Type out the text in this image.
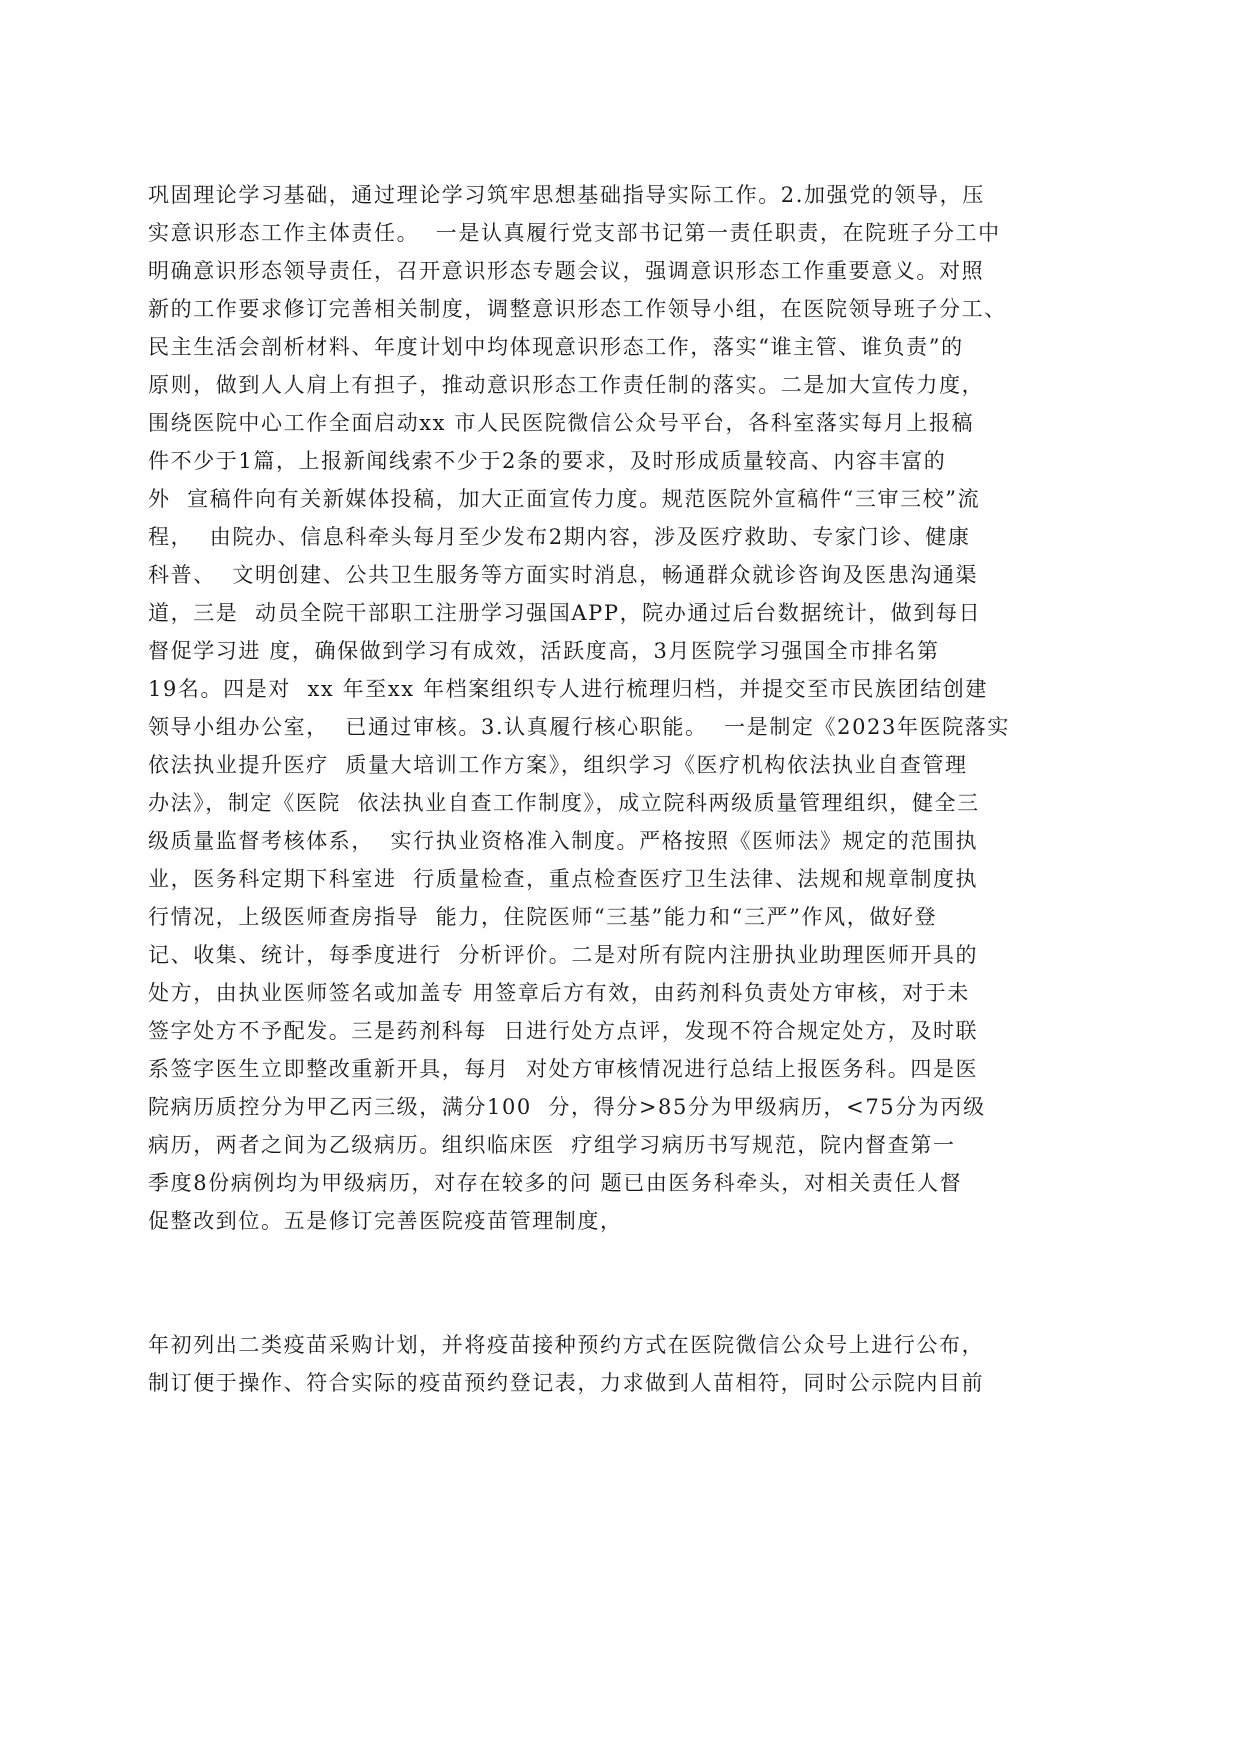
巩固理论学习基础，通过理论学习筑牢思想基础指导实际工作。2.加强党的领导，压
实意识形态工作主体责任。  一是认真履行党支部书记第一责任职责，在院班子分工中
明确意识形态领导责任，召开意识形态专题会议，强调意识形态工作重要意义。对照
新的工作要求修订完善相关制度，调整意识形态工作领导小组，在医院领导班子分工、
民主生活会剖析材料、年度计划中均体现意识形态工作，落实“谁主管、谁负责”的
原则，做到人人肩上有担子，推动意识形态工作责任制的落实。二是加大宣传力度，
围绕医院中心工作全面启动xx 市人民医院微信公众号平台，各科室落实每月上报稿
件不少于1篇，上报新闻线索不少于2条的要求，及时形成质量较高、内容丰富的
外  宣稿件向有关新媒体投稿，加大正面宣传力度。规范医院外宣稿件“三审三校”流
程，  由院办、信息科牵头每月至少发布2期内容，涉及医疗救助、专家门诊、健康
科普、  文明创建、公共卫生服务等方面实时消息，畅通群众就诊咨询及医患沟通渠
道，三是  动员全院干部职工注册学习强国APP，院办通过后台数据统计，做到每日
督促学习进 度，确保做到学习有成效，活跃度高，3月医院学习强国全市排名第
19名。四是对  xx 年至xx 年档案组织专人进行梳理归档，并提交至市民族团结创建
领导小组办公室，  已通过审核。3.认真履行核心职能。  一是制定《2023年医院落实
依法执业提升医疗  质量大培训工作方案》，组织学习《医疗机构依法执业自查管理
办法》，制定《医院  依法执业自查工作制度》，成立院科两级质量管理组织，健全三
级质量监督考核体系，  实行执业资格准入制度。严格按照《医师法》规定的范围执
业，医务科定期下科室进  行质量检查，重点检查医疗卫生法律、法规和规章制度执
行情况，上级医师查房指导  能力，住院医师“三基”能力和“三严”作风，做好登
记、收集、统计，每季度进行  分析评价。二是对所有院内注册执业助理医师开具的
处方，由执业医师签名或加盖专 用签章后方有效，由药剂科负责处方审核，对于未
签字处方不予配发。三是药剂科每  日进行处方点评，发现不符合规定处方，及时联
系签字医生立即整改重新开具，每月  对处方审核情况进行总结上报医务科。四是医
院病历质控分为甲乙丙三级，满分100  分，得分>85分为甲级病历，<75分为丙级
病历，两者之间为乙级病历。组织临床医  疗组学习病历书写规范，院内督查第一
季度8份病例均为甲级病历，对存在较多的问 题已由医务科牵头，对相关责任人督
促整改到位。五是修订完善医院疫苗管理制度，
年初列出二类疫苗采购计划，并将疫苗接种预约方式在医院微信公众号上进行公布，
制订便于操作、符合实际的疫苗预约登记表，力求做到人苗相符，同时公示院内目前
